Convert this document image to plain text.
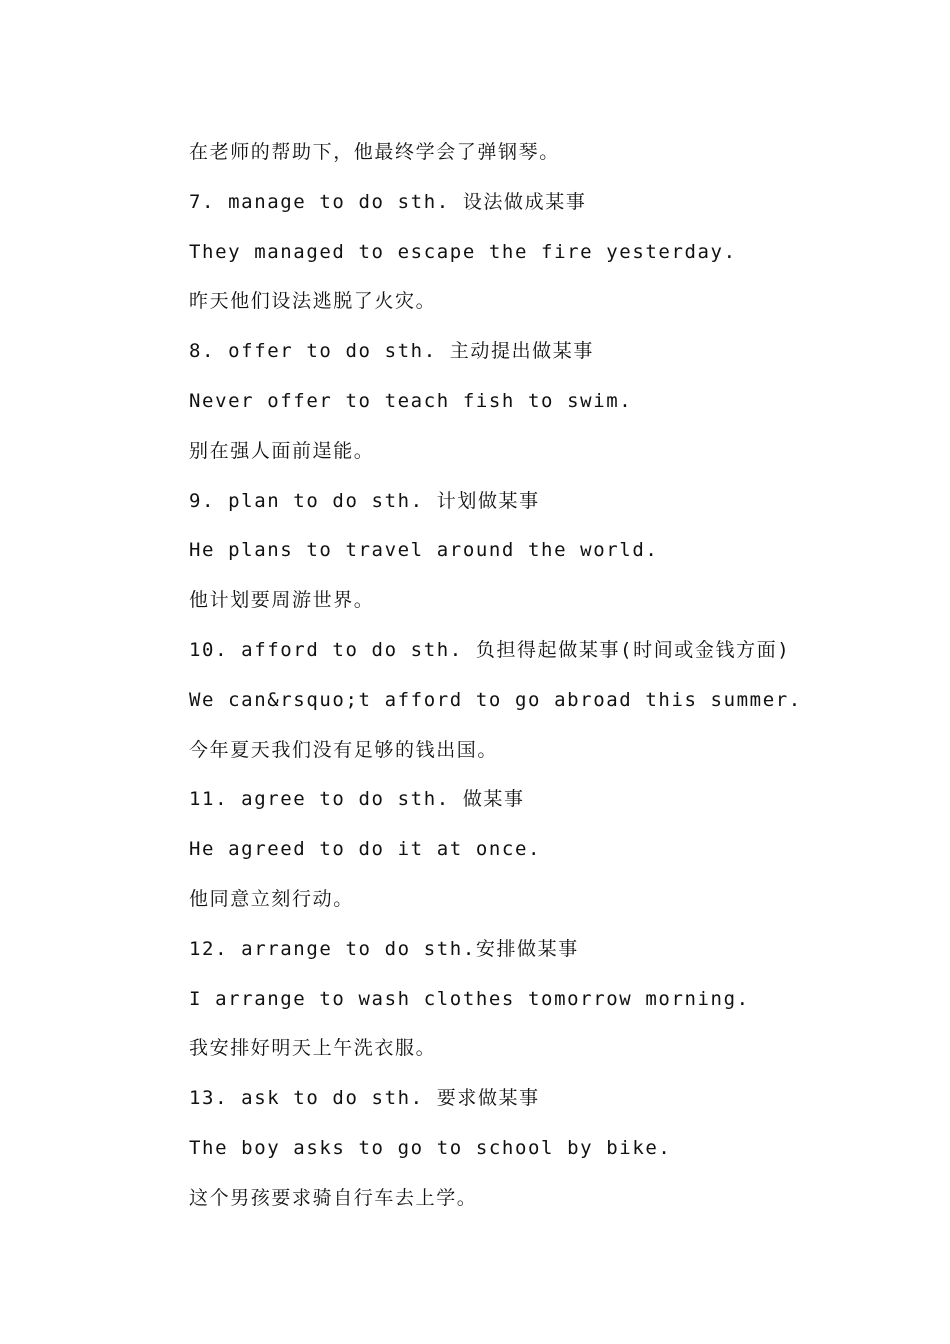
在老师的帮助下，他最终学会了弹钢琴。
7. manage to do sth. 设法做成某事
They managed to escape the fire yesterday.
昨天他们设法逃脱了火灾。
8. offer to do sth. 主动提出做某事
Never offer to teach fish to swim.
别在强人面前逞能。
9. plan to do sth. 计划做某事
He plans to travel around the world.
他计划要周游世界。
10. afford to do sth. 负担得起做某事(时间或金钱方面)
We can&rsquo;t afford to go abroad this summer.
今年夏天我们没有足够的钱出国。
11. agree to do sth. 做某事
He agreed to do it at once.
他同意立刻行动。
12. arrange to do sth.安排做某事
I arrange to wash clothes tomorrow morning.
我安排好明天上午洗衣服。
13. ask to do sth. 要求做某事
The boy asks to go to school by bike.
这个男孩要求骑自行车去上学。
